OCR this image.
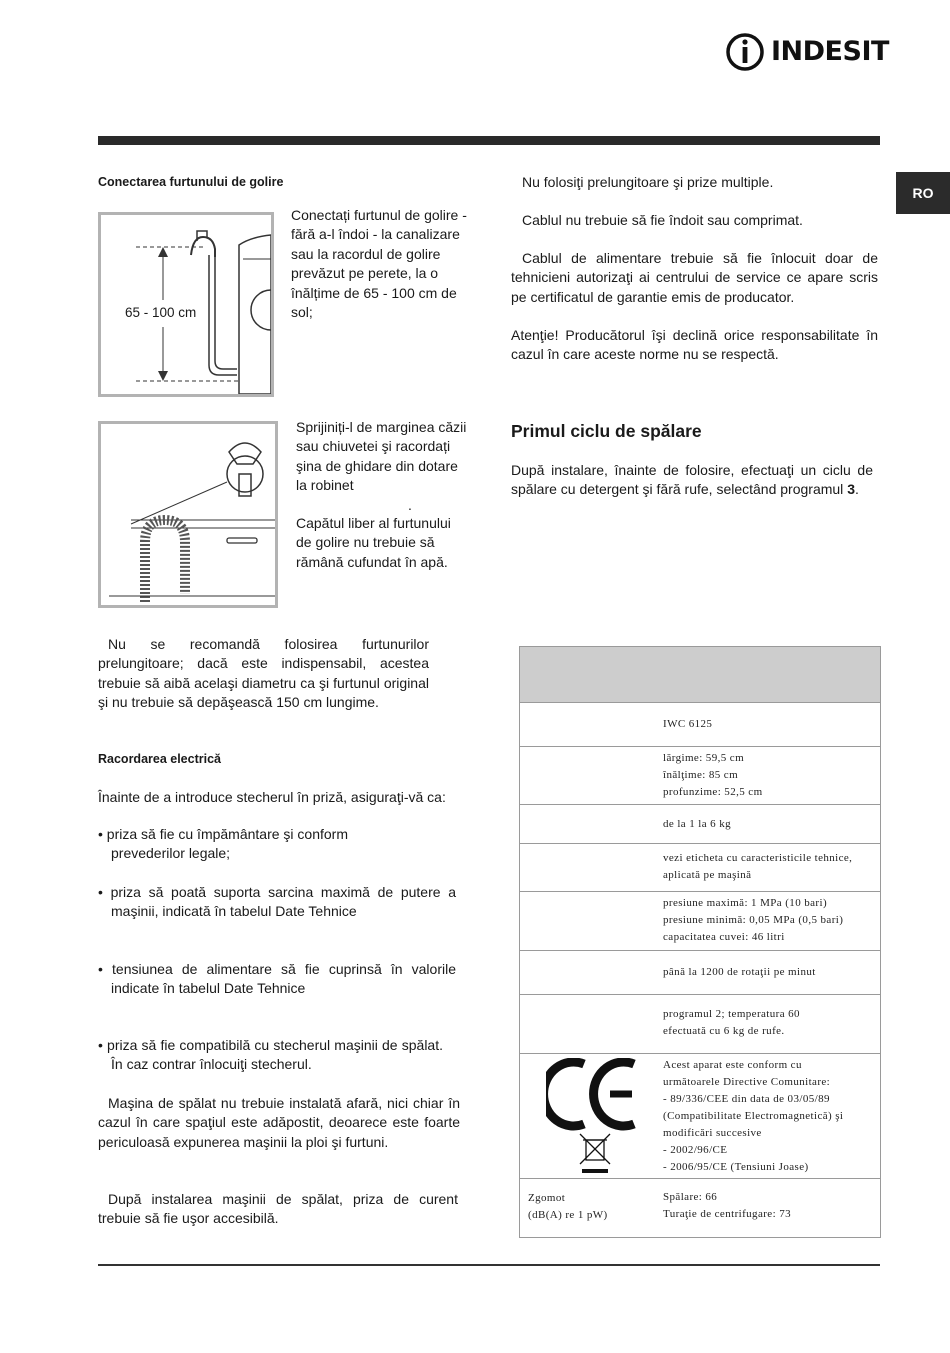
INDESIT
RO
Conectarea furtunului de golire
65 - 100 cm
Conectați furtunul de golire - fără a-l îndoi - la canalizare sau la racordul de golire prevăzut pe perete, la o înălțime de 65 - 100 cm de sol;
Sprijiniți-l de marginea căzii sau chiuvetei şi racordați şina de ghidare din dotare la robinet
.
Capătul liber al furtunului de golire nu trebuie să rămână cufundat în apă.
Nu se recomandă folosirea furtunurilor prelungitoare; dacă este indispensabil, acestea trebuie să aibă acelaşi diametru ca şi furtunul original şi nu trebuie să depăşească 150 cm lungime.
Racordarea electrică
Înainte de a introduce stecherul în priză, asiguraţi-vă ca:
• priza să fie cu împământare şi conform prevederilor legale;
• priza să poată suporta sarcina maximă de putere a maşinii, indicată în tabelul Date Tehnice
• tensiunea de alimentare să fie cuprinsă în valorile indicate în tabelul Date Tehnice
• priza să fie compatibilă cu stecherul maşinii de spălat. În caz contrar înlocuiţi stecherul.
Maşina de spălat nu trebuie instalată afară, nici chiar în cazul în care spaţiul este adăpostit, deoarece este foarte periculoasă expunerea maşinii la ploi şi furtuni.
După instalarea maşinii de spălat, priza de curent trebuie să fie uşor accesibilă.
Nu folosiţi prelungitoare şi prize multiple.
Cablul nu trebuie să fie îndoit sau comprimat.
Cablul de alimentare trebuie să fie înlocuit doar de tehnicieni autorizaţi ai centrului de service ce apare scris pe certificatul de garantie emis de producator.
Atenţie! Producătorul îşi declină orice responsabilitate în cazul în care aceste norme nu se respectă.
Primul ciclu de spălare
După instalare, înainte de folosire, efectuaţi un ciclu de spălare cu detergent şi fără rufe, selectând programul 3.
IWC 6125
lărgime: 59,5 cm
înălţime: 85 cm
profunzime: 52,5 cm
de la 1 la 6 kg
vezi eticheta cu caracteristicile tehnice,
aplicată pe maşină
presiune maximă: 1 MPa (10 bari)
presiune minimă: 0,05 MPa (0,5 bari)
capacitatea cuvei: 46 litri
până la 1200 de rotaţii pe minut
programul 2; temperatura 60
efectuată cu 6 kg de rufe.
Acest aparat este conform cu
următoarele Directive Comunitare:
- 89/336/CEE din data de 03/05/89
(Compatibilitate Electromagnetică) şi
modificări succesive
- 2002/96/CE
- 2006/95/CE (Tensiuni Joase)
Zgomot
(dB(A) re 1 pW)
Spălare: 66
Turaţie de centrifugare: 73
